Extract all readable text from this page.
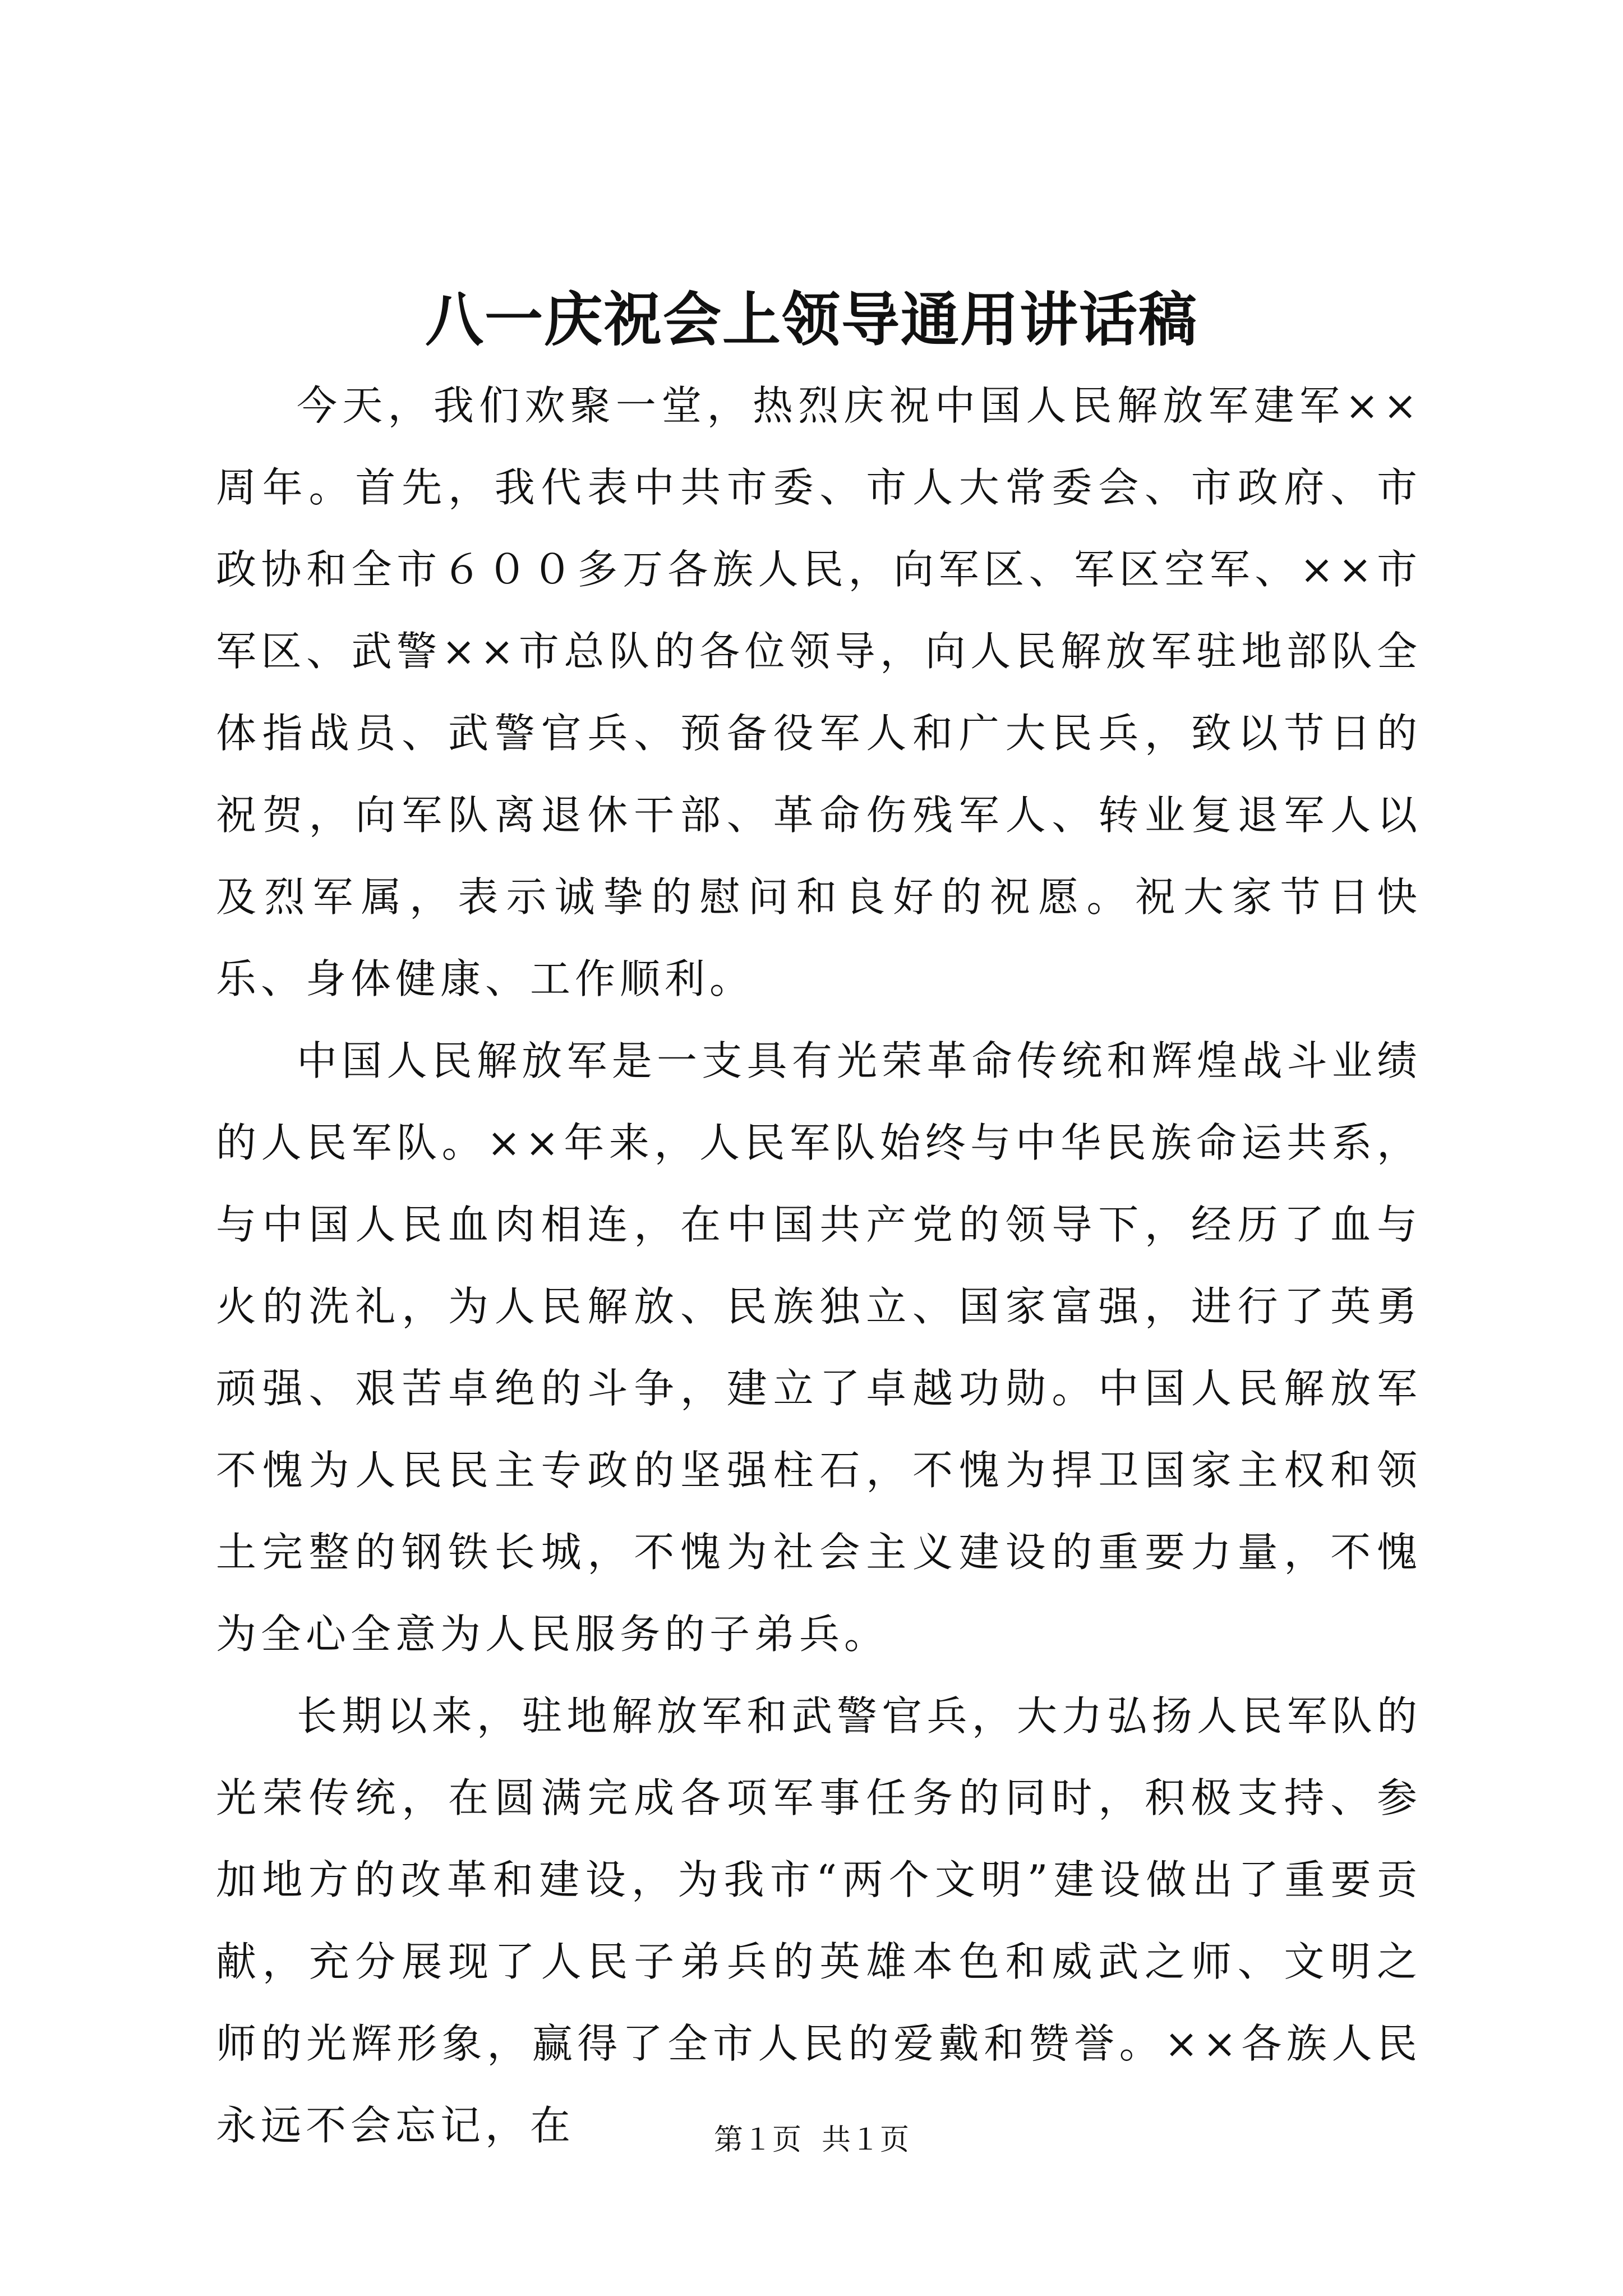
八一庆祝会上领导通用讲话稿

今天，我们欢聚一堂，热烈庆祝中国人民解放军建军××周年。首先，我代表中共市委、市人大常委会、市政府、市政协和全市６００多万各族人民，向军区、军区空军、××市军区、武警××市总队的各位领导，向人民解放军驻地部队全体指战员、武警官兵、预备役军人和广大民兵，致以节日的祝贺，向军队离退休干部、革命伤残军人、转业复退军人以及烈军属，表示诚挚的慰问和良好的祝愿。祝大家节日快乐、身体健康、工作顺利。

中国人民解放军是一支具有光荣革命传统和辉煌战斗业绩的人民军队。××年来，人民军队始终与中华民族命运共系，与中国人民血肉相连，在中国共产党的领导下，经历了血与火的洗礼，为人民解放、民族独立、国家富强，进行了英勇顽强、艰苦卓绝的斗争，建立了卓越功勋。中国人民解放军不愧为人民民主专政的坚强柱石，不愧为捍卫国家主权和领土完整的钢铁长城，不愧为社会主义建设的重要力量，不愧为全心全意为人民服务的子弟兵。

长期以来，驻地解放军和武警官兵，大力弘扬人民军队的光荣传统，在圆满完成各项军事任务的同时，积极支持、参加地方的改革和建设，为我市“两个文明”建设做出了重要贡献，充分展现了人民子弟兵的英雄本色和威武之师、文明之师的光辉形象，赢得了全市人民的爱戴和赞誉。××各族人民永远不会忘记，在	第１页 共１页
